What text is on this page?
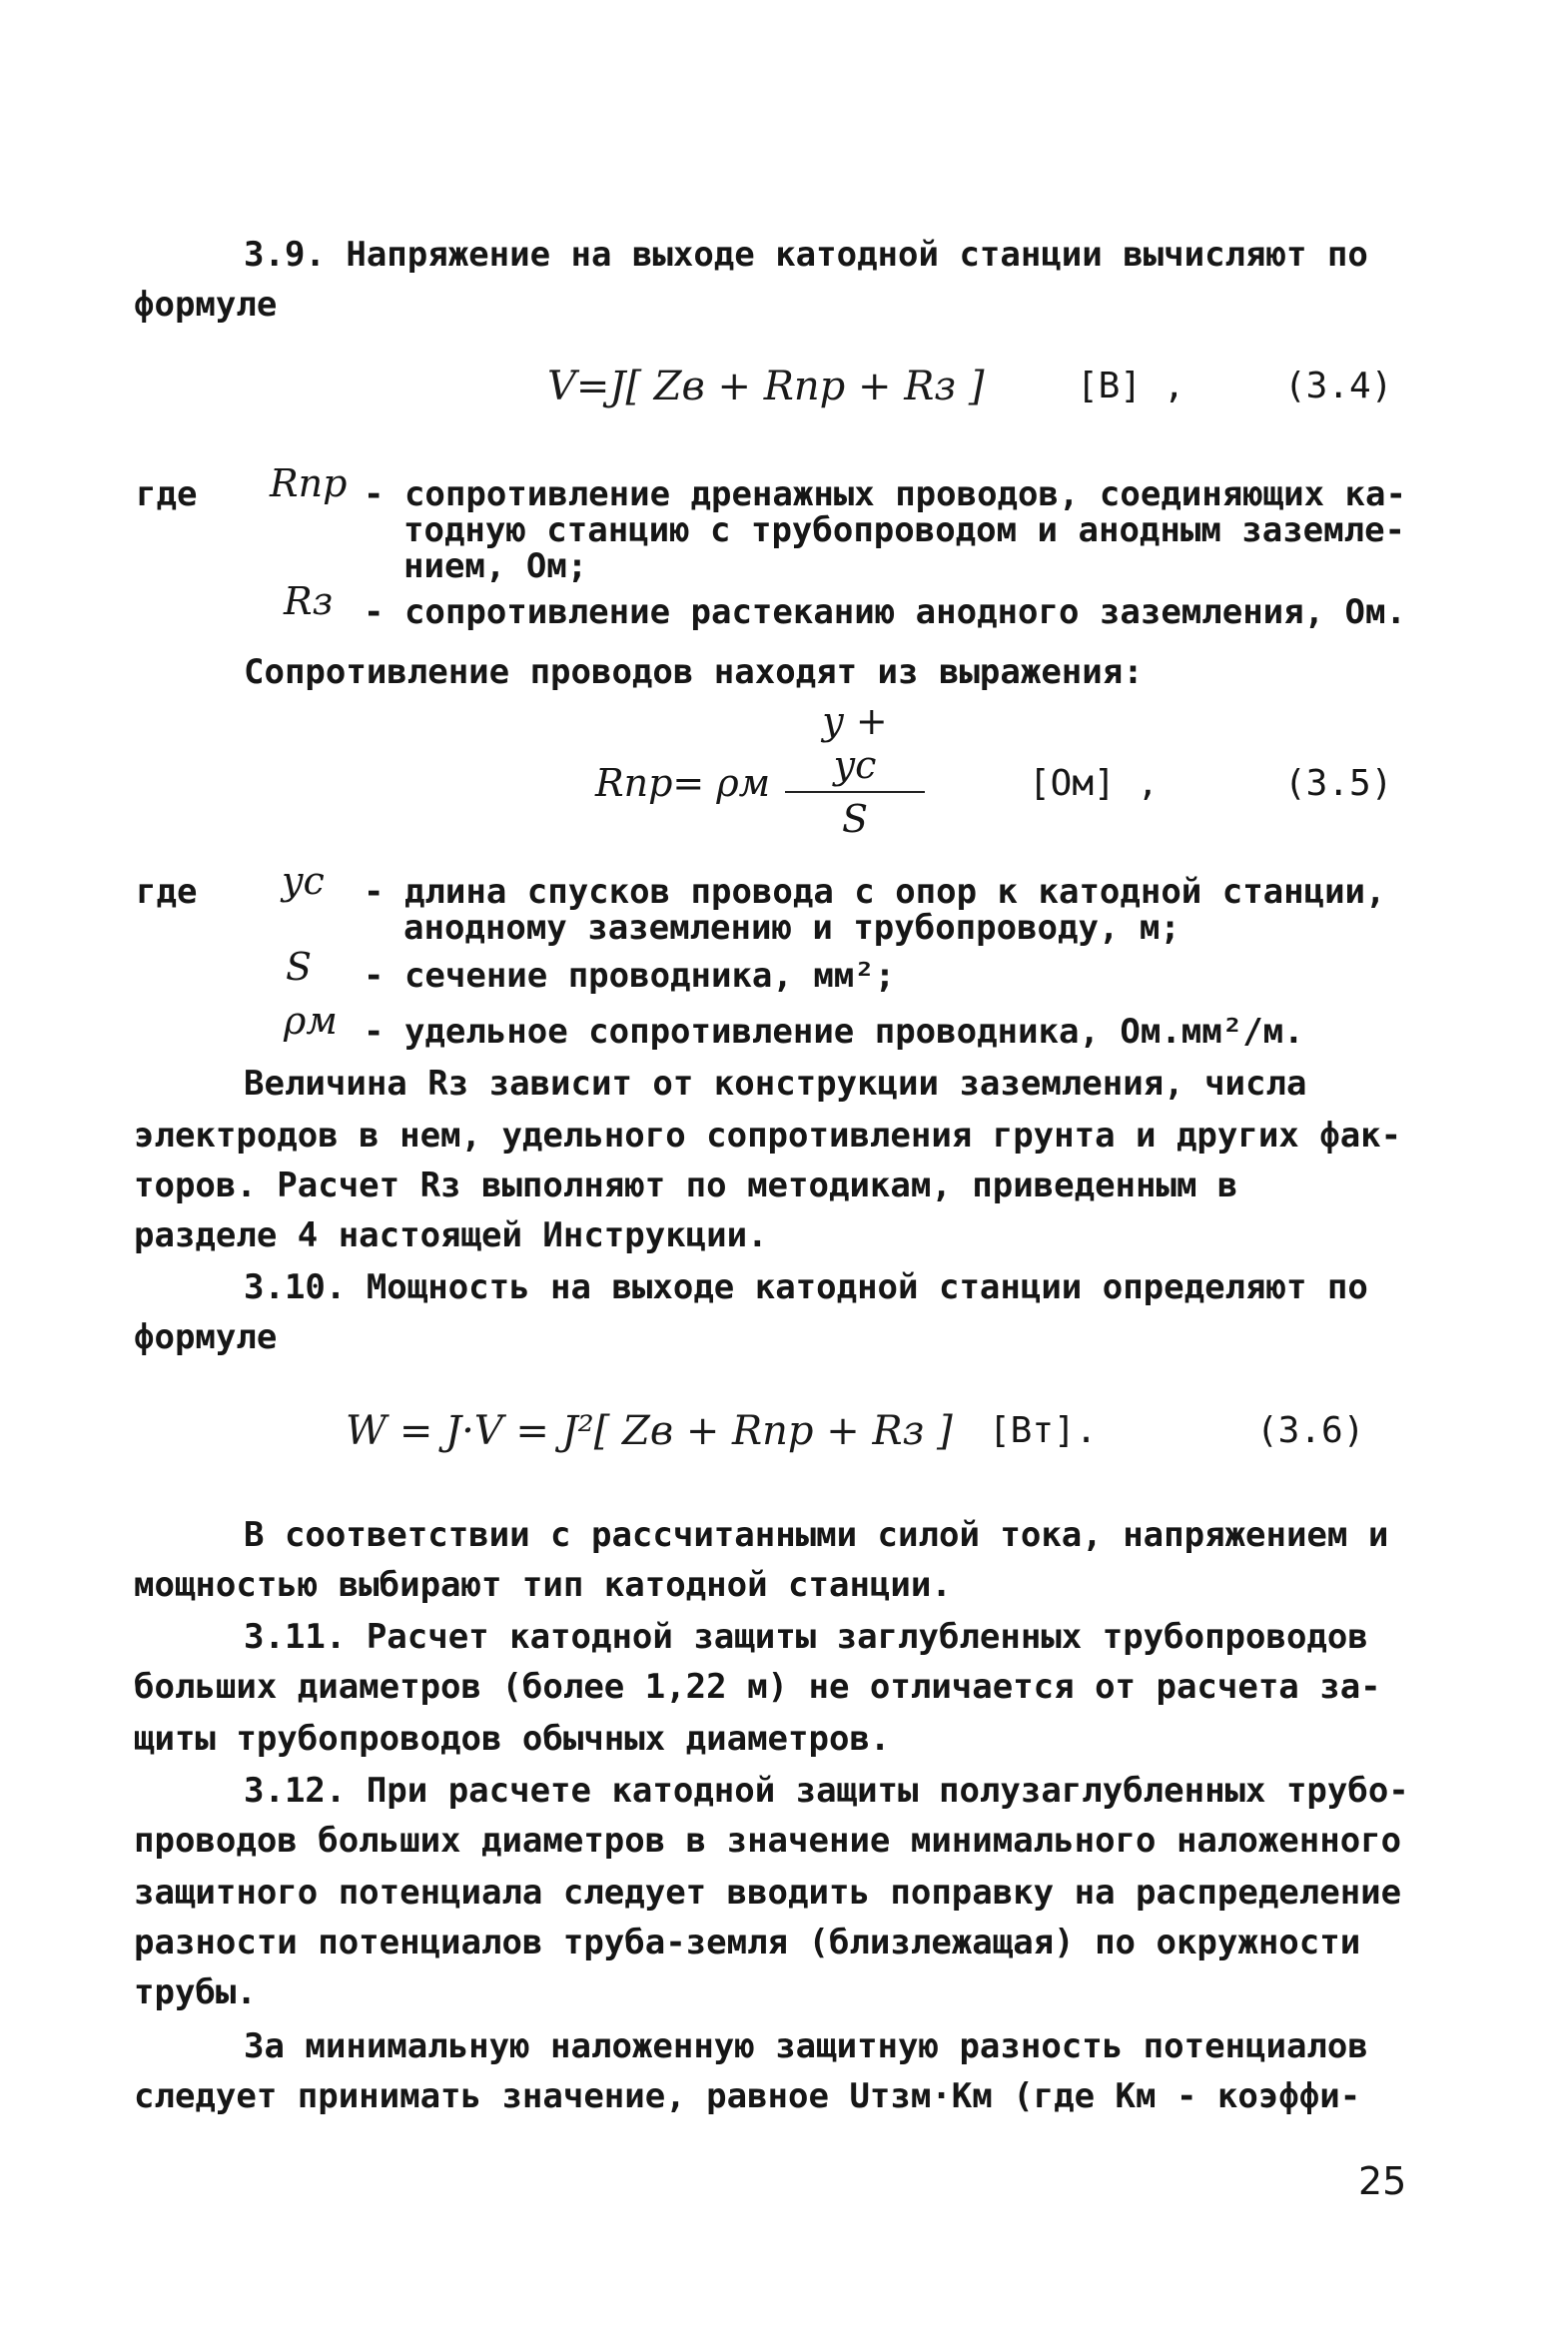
3.9. Напряжение на выходе катодной станции вычисляют по
формуле
V=J[ Zв + Rпр + Rз ]	[B] ,	(3.4)
где Rпр - сопротивление дренажных проводов, соединяющих ка-
тодную станцию с трубопроводом и анодным заземле-
нием, Ом;
Rз - сопротивление растеканию анодного заземления, Ом.
Сопротивление проводов находят из выражения:
Rпр= ρм $\frac{y + yc}{S}$	[Ом] ,	(3.5)
где yc - длина спусков провода с опор к катодной станции,
анодному заземлению и трубопроводу, м;
S - сечение проводника, мм²;
ρм - удельное сопротивление проводника, Ом.мм²/м.
Величина Rз зависит от конструкции заземления, числа
электродов в нем, удельного сопротивления грунта и других фак-
торов. Расчет Rз выполняют по методикам, приведенным в
разделе 4 настоящей Инструкции.
3.10. Мощность на выходе катодной станции определяют по
формуле
W = J·V = J²[ Zв + Rпр + Rз ] [Вт].	(3.6)
В соответствии с рассчитанными силой тока, напряжением и
мощностью выбирают тип катодной станции.
3.11. Расчет катодной защиты заглубленных трубопроводов
больших диаметров (более 1,22 м) не отличается от расчета за-
щиты трубопроводов обычных диаметров.
3.12. При расчете катодной защиты полузаглубленных трубо-
проводов больших диаметров в значение минимального наложенного
защитного потенциала следует вводить поправку на распределение
разности потенциалов труба-земля (близлежащая) по окружности
трубы.
За минимальную наложенную защитную разность потенциалов
следует принимать значение, равное Uтзм·Kм (где Kм - коэффи-
25
